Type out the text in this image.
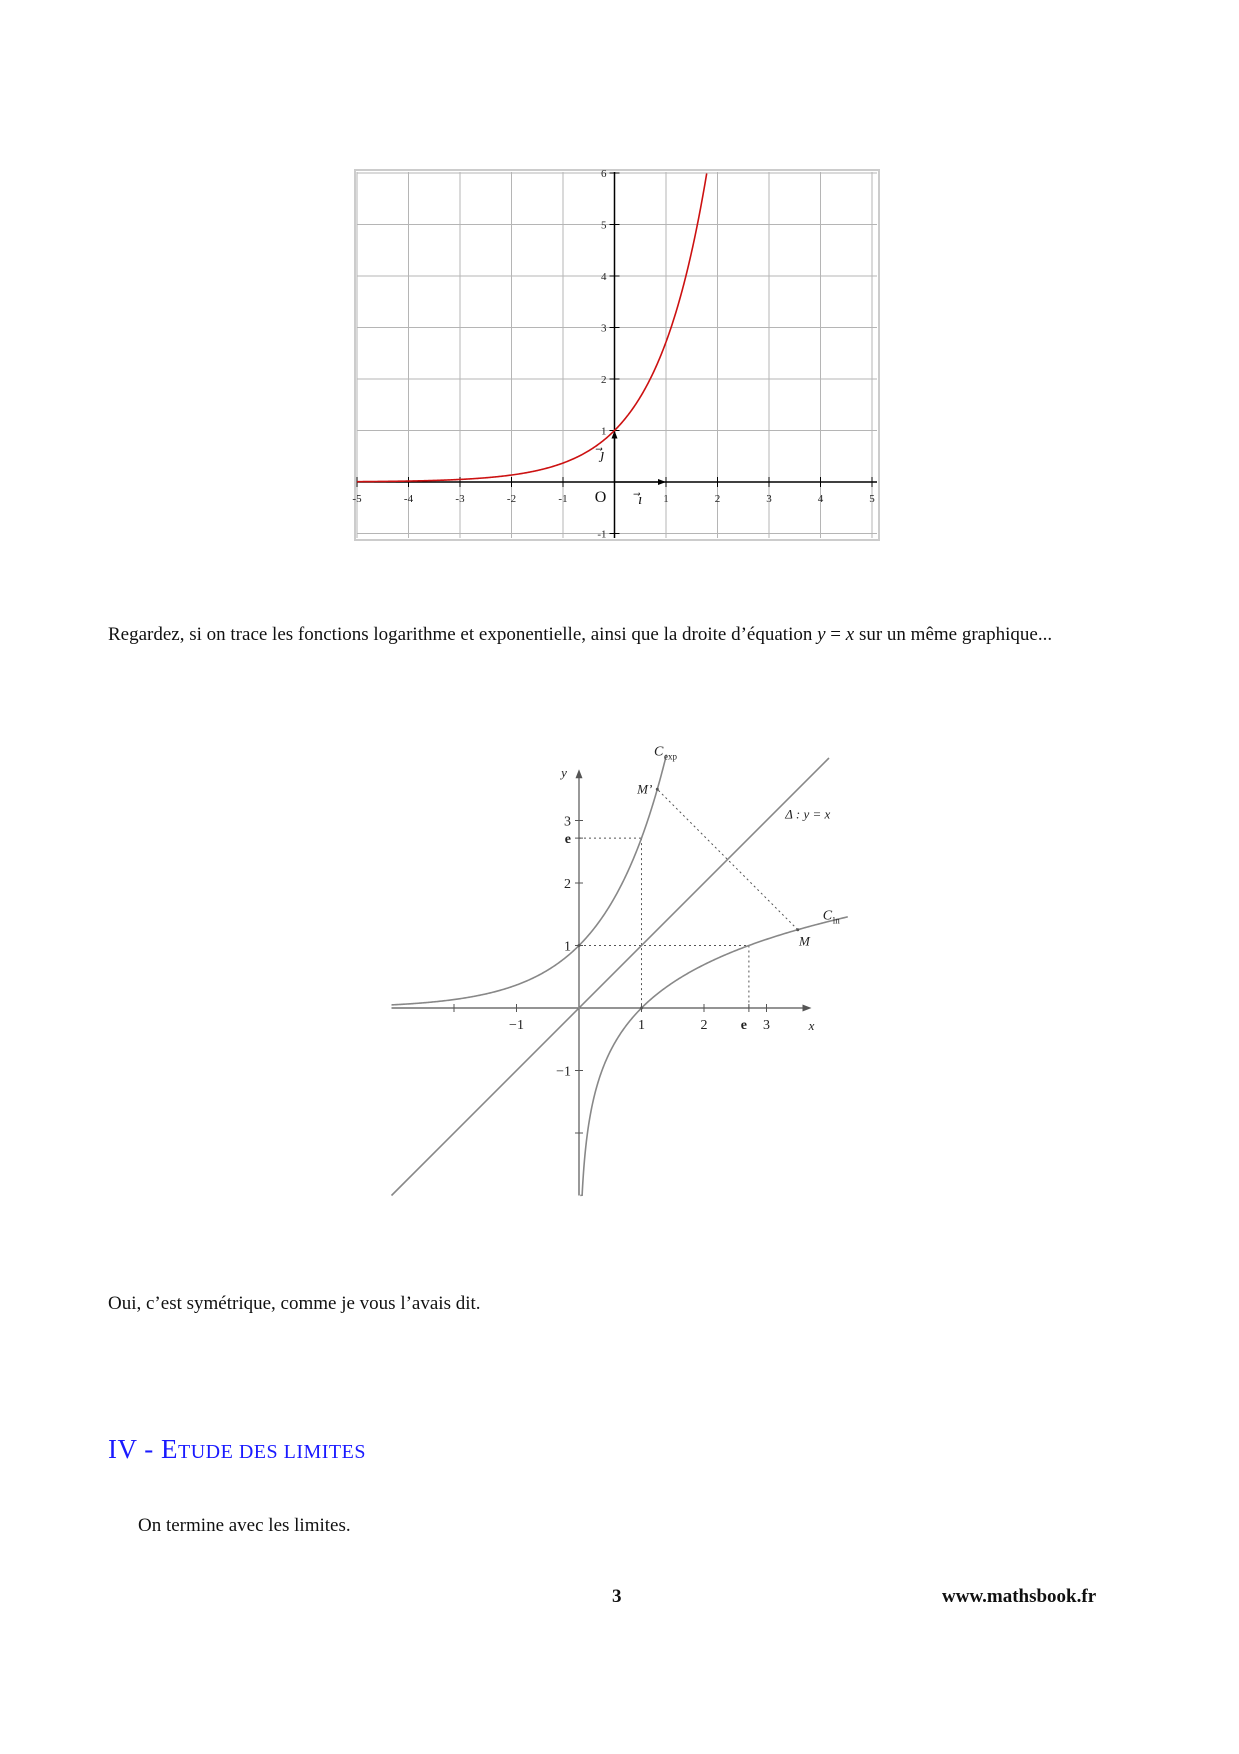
-5	-4	-3	-2	-1	1	2	3	4	5
-1
1
2
3
4
5
6
O	⃗ı
⃗ȷ
−1	1	2 e 3	x
−1
1
2
e
3
y
C exp
C ln
M’
M
Δ : y = x
Regardez, si on trace les fonctions logarithme et exponentielle, ainsi que la droite d’équation y = x sur un même graphique...
Oui, c’est symétrique, comme je vous l’avais dit.
IV - ETUDE DES LIMITES
On termine avec les limites.
3	www.mathsbook.fr
